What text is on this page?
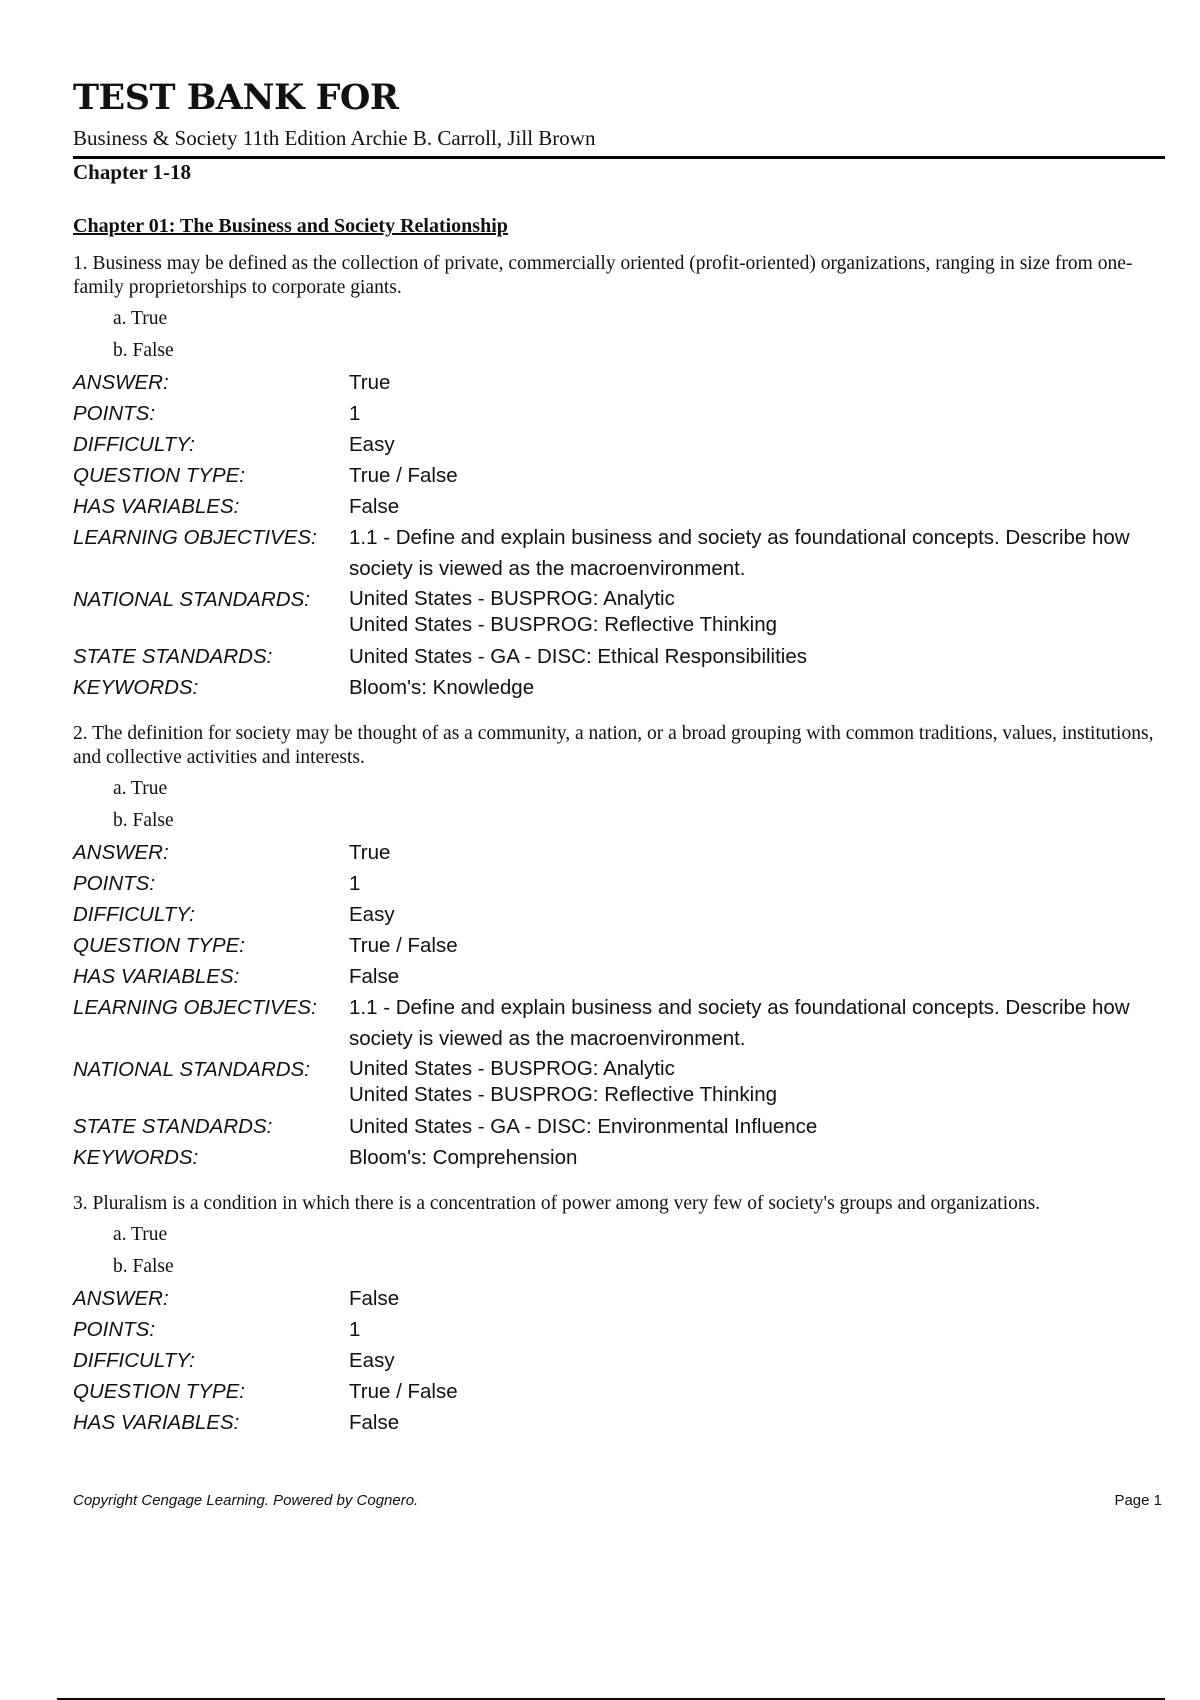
TEST BANK FOR
Business & Society 11th Edition Archie B. Carroll, Jill Brown
Chapter 1-18
Chapter 01: The Business and Society Relationship

1. Business may be defined as the collection of private, commercially oriented (profit-oriented) organizations, ranging in size from one-family proprietorships to corporate giants.

a. True
b. False
ANSWER:	True
POINTS:	1
DIFFICULTY:	Easy
QUESTION TYPE:	True / False
HAS VARIABLES:	False
LEARNING OBJECTIVES:	1.1 - Define and explain business and society as foundational concepts. Describe how society is viewed as the macroenvironment.
NATIONAL STANDARDS:	United States - BUSPROG: Analytic
United States - BUSPROG: Reflective Thinking
STATE STANDARDS:	United States - GA - DISC: Ethical Responsibilities
KEYWORDS:	Bloom's: Knowledge

2. The definition for society may be thought of as a community, a nation, or a broad grouping with common traditions, values, institutions, and collective activities and interests.

a. True
b. False
ANSWER:	True
POINTS:	1
DIFFICULTY:	Easy
QUESTION TYPE:	True / False
HAS VARIABLES:	False
LEARNING OBJECTIVES:	1.1 - Define and explain business and society as foundational concepts. Describe how society is viewed as the macroenvironment.
NATIONAL STANDARDS:	United States - BUSPROG: Analytic
United States - BUSPROG: Reflective Thinking
STATE STANDARDS:	United States - GA - DISC: Environmental Influence
KEYWORDS:	Bloom's: Comprehension

3. Pluralism is a condition in which there is a concentration of power among very few of society's groups and organizations.

a. True
b. False
ANSWER:	False
POINTS:	1
DIFFICULTY:	Easy
QUESTION TYPE:	True / False
HAS VARIABLES:	False
Copyright Cengage Learning. Powered by Cognero.	Page 1
